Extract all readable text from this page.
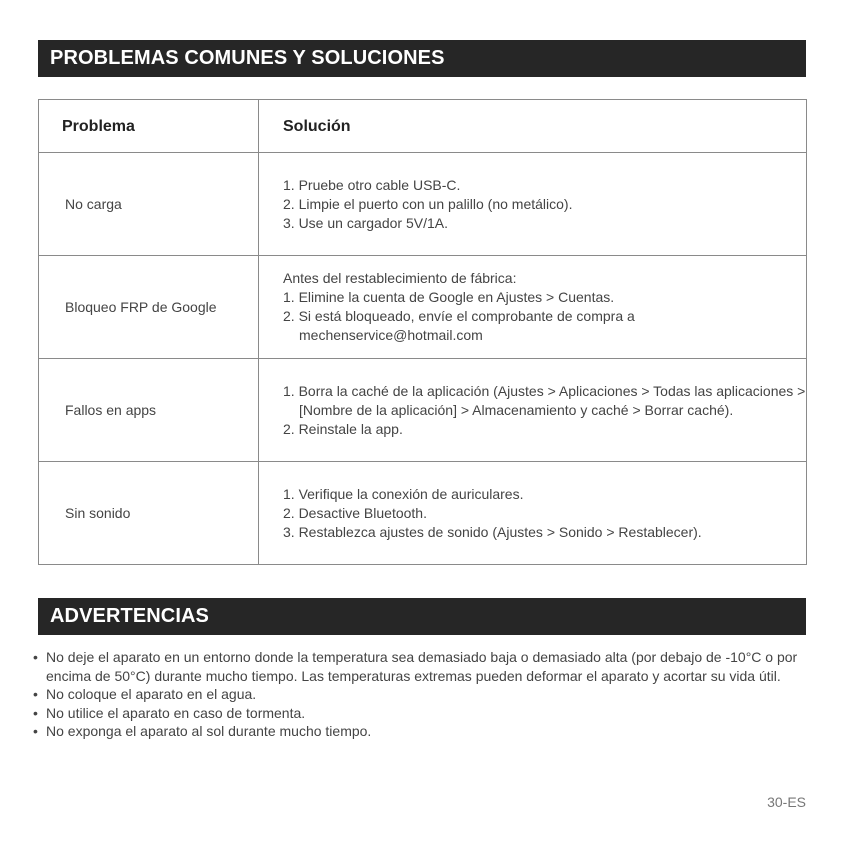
PROBLEMAS COMUNES Y SOLUCIONES
Problema	Solución
No carga	1. Pruebe otro cable USB-C.
2. Limpie el puerto con un palillo (no metálico).
3. Use un cargador 5V/1A.

Bloqueo FRP de Google	Antes del restablecimiento de fábrica:
1. Elimine la cuenta de Google en Ajustes > Cuentas.
2. Si está bloqueado, envíe el comprobante de compra a mechenservice@hotmail.com

Fallos en apps	1. Borra la caché de la aplicación (Ajustes > Aplicaciones > Todas las aplicaciones > [Nombre de la aplicación] > Almacenamiento y caché > Borrar caché).
2. Reinstale la app.

Sin sonido	1. Verifique la conexión de auriculares.
2. Desactive Bluetooth.
3. Restablezca ajustes de sonido (Ajustes > Sonido > Restablecer).
ADVERTENCIAS
• No deje el aparato en un entorno donde la temperatura sea demasiado baja o demasiado alta (por debajo de -10°C o por encima de 50°C) durante mucho tiempo. Las temperaturas extremas pueden deformar el aparato y acortar su vida útil.
• No coloque el aparato en el agua.
• No utilice el aparato en caso de tormenta.
• No exponga el aparato al sol durante mucho tiempo.
30-ES
